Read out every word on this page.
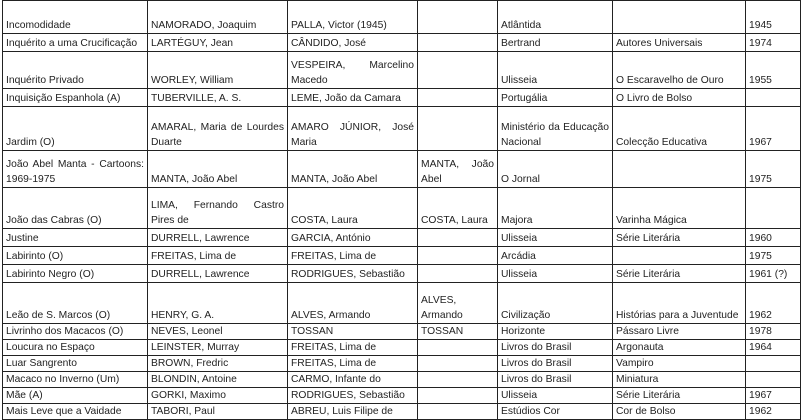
Incomodidade	NAMORADO, Joaquim	PALLA, Victor (1945)		Atlântida		1945
Inquérito a uma Crucificação	LARTÉGUY, Jean	CÂNDIDO, José		Bertrand	Autores Universais	1974
Inquérito Privado	WORLEY, William	VESPEIRA, Marcelino Macedo		Ulisseia	O Escaravelho de Ouro	1955
Inquisição Espanhola (A)	TUBERVILLE, A. S.	LEME, João da Camara		Portugália	O Livro de Bolso	
Jardim (O)	AMARAL, Maria de Lourdes Duarte	AMARO JÚNIOR, José Maria		Ministério da Educação Nacional	Colecção Educativa	1967
João Abel Manta - Cartoons: 1969-1975	MANTA, João Abel	MANTA, João Abel	MANTA, João Abel	O Jornal		1975
João das Cabras (O)	LIMA, Fernando Castro Pires de	COSTA, Laura	COSTA, Laura	Majora	Varinha Mágica	
Justine	DURRELL, Lawrence	GARCIA, António		Ulisseia	Série Literária	1960
Labirinto (O)	FREITAS, Lima de	FREITAS, Lima de		Arcádia		1975
Labirinto Negro (O)	DURRELL, Lawrence	RODRIGUES, Sebastião		Ulisseia	Série Literária	1961 (?)
Leão de S. Marcos (O)	HENRY, G. A.	ALVES, Armando	ALVES, Armando	Civilização	Histórias para a Juventude	1962
Livrinho dos Macacos (O)	NEVES, Leonel	TOSSAN	TOSSAN	Horizonte	Pássaro Livre	1978
Loucura no Espaço	LEINSTER, Murray	FREITAS, Lima de		Livros do Brasil	Argonauta	1964
Luar Sangrento	BROWN, Fredric	FREITAS, Lima de		Livros do Brasil	Vampiro	
Macaco no Inverno (Um)	BLONDIN, Antoine	CARMO, Infante do		Livros do Brasil	Miniatura	
Mãe (A)	GORKI, Maximo	RODRIGUES, Sebastião		Ulisseia	Série Literária	1967
Mais Leve que a Vaidade	TABORI, Paul	ABREU, Luis Filipe de		Estúdios Cor	Cor de Bolso	1962
